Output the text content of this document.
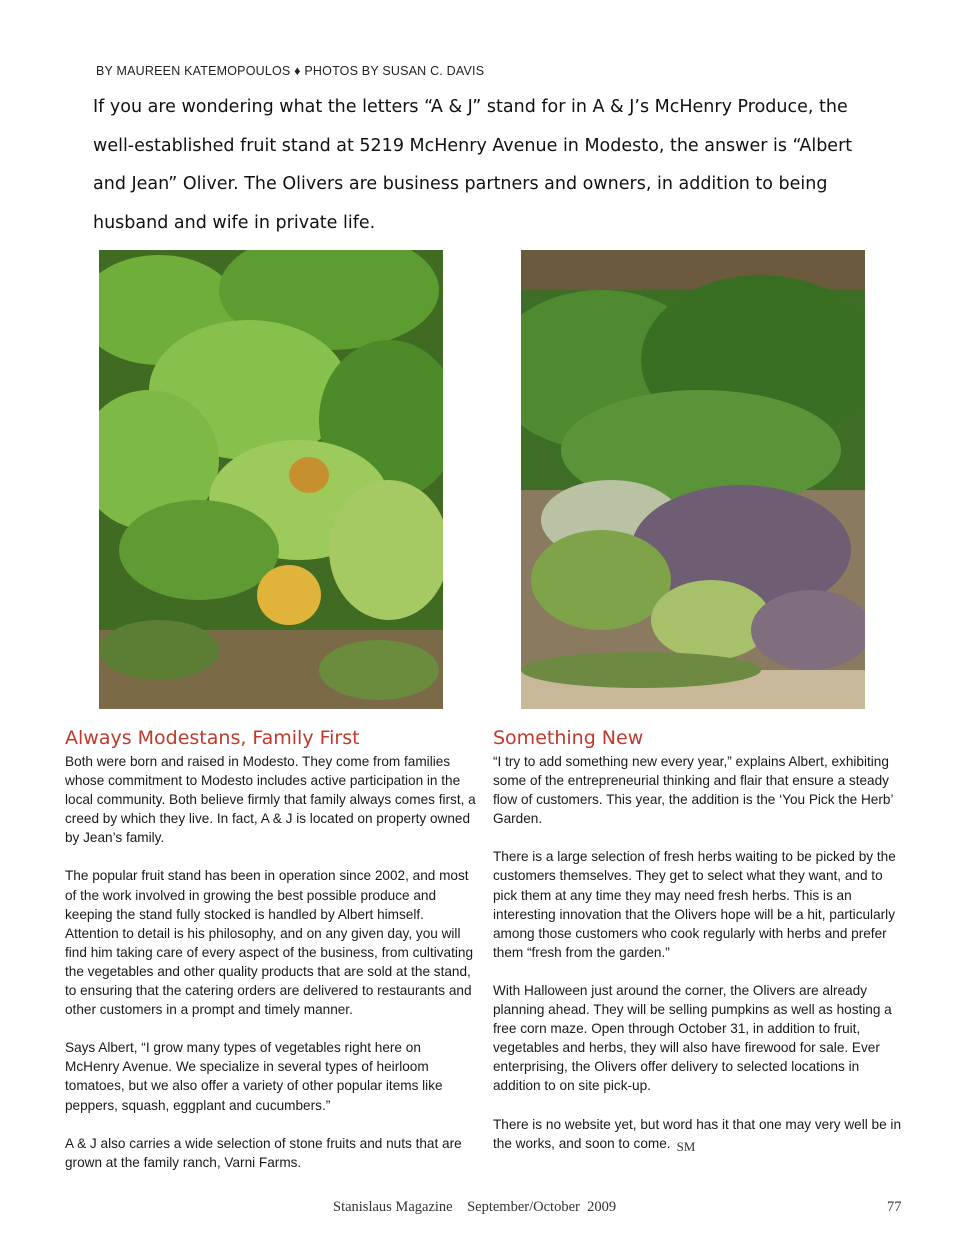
BY MAUREEN KATEMOPOULOS ♦ PHOTOS BY SUSAN C. DAVIS

If you are wondering what the letters “A & J” stand for in A & J’s McHenry Produce, the well-established fruit stand at 5219 McHenry Avenue in Modesto, the answer is “Albert and Jean” Oliver. The Olivers are business partners and owners, in addition to being husband and wife in private life.

Always Modestans, Family First

Both were born and raised in Modesto. They come from families whose commitment to Modesto includes active participation in the local community. Both believe firmly that family always comes first, a creed by which they live. In fact, A & J is located on property owned by Jean’s family.

The popular fruit stand has been in operation since 2002, and most of the work involved in growing the best possible produce and keeping the stand fully stocked is handled by Albert himself. Attention to detail is his philosophy, and on any given day, you will find him taking care of every aspect of the business, from cultivating the vegetables and other quality products that are sold at the stand, to ensuring that the catering orders are delivered to restaurants and other customers in a prompt and timely manner.

Says Albert, “I grow many types of vegetables right here on McHenry Avenue. We specialize in several types of heirloom tomatoes, but we also offer a variety of other popular items like peppers, squash, eggplant and cucumbers.”

A & J also carries a wide selection of stone fruits and nuts that are grown at the family ranch, Varni Farms.

Something New

“I try to add something new every year,” explains Albert, exhibiting some of the entrepreneurial thinking and flair that ensure a steady flow of customers. This year, the addition is the ‘You Pick the Herb’ Garden.

There is a large selection of fresh herbs waiting to be picked by the customers themselves. They get to select what they want, and to pick them at any time they may need fresh herbs. This is an interesting innovation that the Olivers hope will be a hit, particularly among those customers who cook regularly with herbs and prefer them “fresh from the garden.”

With Halloween just around the corner, the Olivers are already planning ahead. They will be selling pumpkins as well as hosting a free corn maze. Open through October 31, in addition to fruit, vegetables and herbs, they will also have firewood for sale. Ever enterprising, the Olivers offer delivery to selected locations in addition to on site pick-up.

There is no website yet, but word has it that one may very well be in the works, and soon to come. SM

Stanislaus Magazine    September/October  2009	77
